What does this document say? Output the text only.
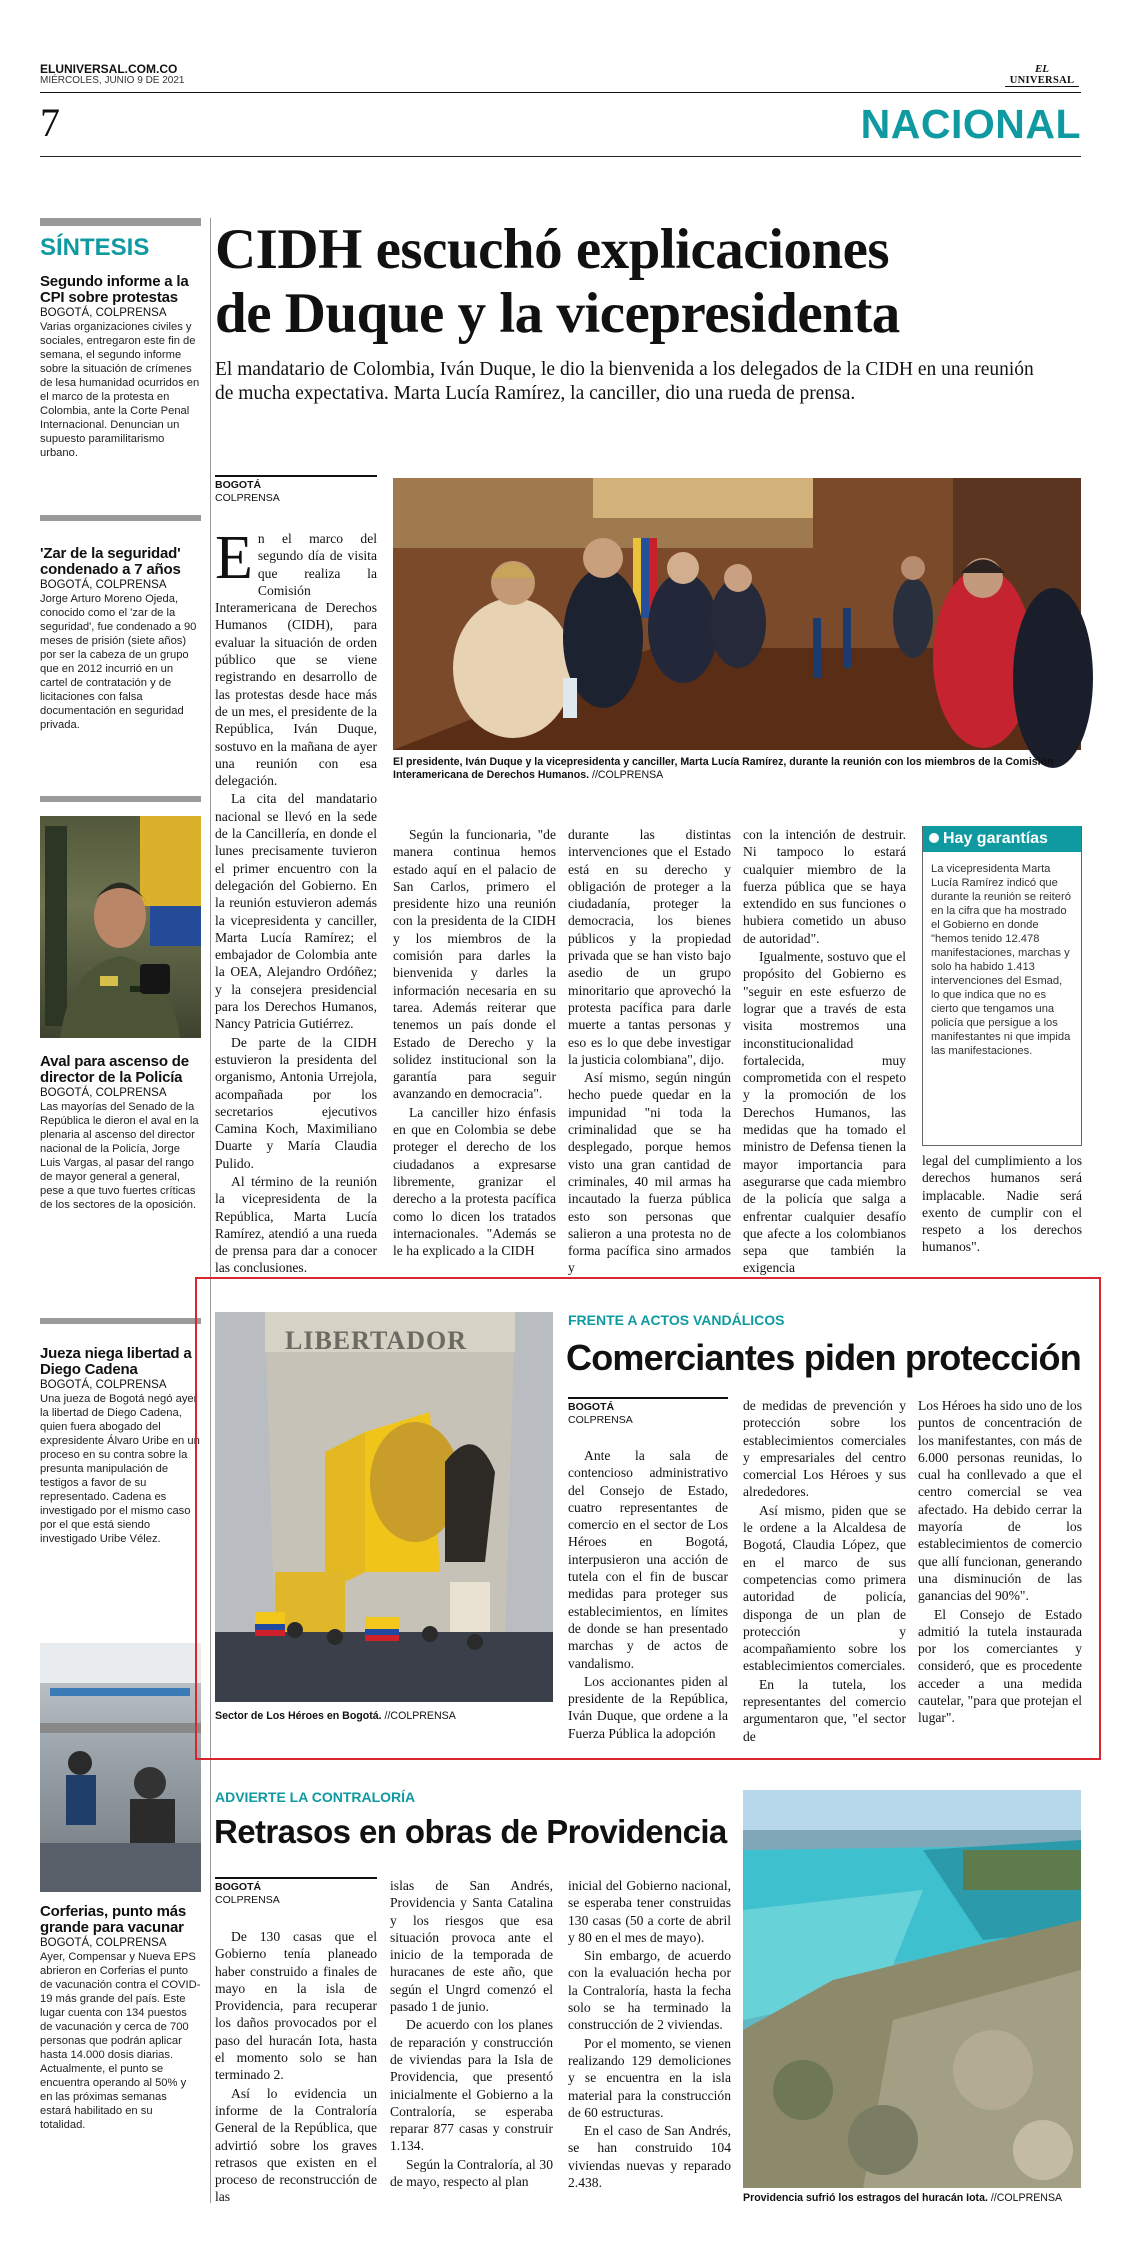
ELUNIVERSAL.COM.CO
MIÉRCOLES, JUNIO 9 DE 2021
EL
UNIVERSAL
7	NACIONAL
SÍNTESIS
Segundo informe a la CPI sobre protestas
BOGOTÁ, COLPRENSA
Varias organizaciones civiles y sociales, entregaron este fin de semana, el segundo informe sobre la situación de crímenes de lesa humanidad ocurridos en el marco de la protesta en Colombia, ante la Corte Penal Internacional. Denuncian un supuesto paramilitarismo urbano.
'Zar de la seguridad' condenado a 7 años
BOGOTÁ, COLPRENSA
Jorge Arturo Moreno Ojeda, conocido como el 'zar de la seguridad', fue condenado a 90 meses de prisión (siete años) por ser la cabeza de un grupo que en 2012 incurrió en un cartel de contratación y de licitaciones con falsa documentación en seguridad privada.
Aval para ascenso de director de la Policía
BOGOTÁ, COLPRENSA
Las mayorías del Senado de la República le dieron el aval en la plenaria al ascenso del director nacional de la Policía, Jorge Luis Vargas, al pasar del rango de mayor general a general, pese a que tuvo fuertes críticas de los sectores de la oposición.
Jueza niega libertad a Diego Cadena
BOGOTÁ, COLPRENSA
Una jueza de Bogotá negó ayer la libertad de Diego Cadena, quien fuera abogado del expresidente Álvaro Uribe en un proceso en su contra sobre la presunta manipulación de testigos a favor de su representado. Cadena es investigado por el mismo caso por el que está siendo investigado Uribe Vélez.
Corferias, punto más grande para vacunar
BOGOTÁ, COLPRENSA
Ayer, Compensar y Nueva EPS abrieron en Corferias el punto de vacunación contra el COVID-19 más grande del país. Este lugar cuenta con 134 puestos de vacunación y cerca de 700 personas que podrán aplicar hasta 14.000 dosis diarias. Actualmente, el punto se encuentra operando al 50% y en las próximas semanas estará habilitado en su totalidad.
CIDH escuchó explicaciones
de Duque y la vicepresidenta
El mandatario de Colombia, Iván Duque, le dio la bienvenida a los delegados de la CIDH en una reunión de mucha expectativa. Marta Lucía Ramírez, la canciller, dio una rueda de prensa.
BOGOTÁ
COLPRENSA

En el marco del segundo día de visita que realiza la Comisión Interamericana de Derechos Humanos (CIDH), para evaluar la situación de orden público que se viene registrando en desarrollo de las protestas desde hace más de un mes, el presidente de la República, Iván Duque, sostuvo en la mañana de ayer una reunión con esa delegación.

La cita del mandatario nacional se llevó en la sede de la Cancillería, en donde el lunes precisamente tuvieron el primer encuentro con la delegación del Gobierno. En la reunión estuvieron además la vicepresidenta y canciller, Marta Lucía Ramírez; el embajador de Colombia ante la OEA, Alejandro Ordóñez; y la consejera presidencial para los Derechos Humanos, Nancy Patricia Gutiérrez.

De parte de la CIDH estuvieron la presidenta del organismo, Antonia Urrejola, acompañada por los secretarios ejecutivos Camina Koch, Maximiliano Duarte y María Claudia Pulido.

Al término de la reunión la vicepresidenta de la República, Marta Lucía Ramírez, atendió a una rueda de prensa para dar a conocer las conclusiones.

El presidente, Iván Duque y la vicepresidenta y canciller, Marta Lucía Ramírez, durante la reunión con los miembros de la Comisión Interamericana de Derechos Humanos. //COLPRENSA

Según la funcionaria, "de manera continua hemos estado aquí en el palacio de San Carlos, primero el presidente hizo una reunión con la presidenta de la CIDH y los miembros de la comisión para darles la bienvenida y darles la información necesaria en su tarea. Además reiterar que tenemos un país donde el Estado de Derecho y la solidez institucional son la garantía para seguir avanzando en democracia".

La canciller hizo énfasis en que en Colombia se debe proteger el derecho de los ciudadanos a expresarse libremente, granizar el derecho a la protesta pacífica como lo dicen los tratados internacionales. "Además se le ha explicado a la CIDH

durante las distintas intervenciones que el Estado está en su derecho y obligación de proteger a la ciudadanía, proteger la democracia, los bienes públicos y la propiedad privada que se han visto bajo asedio de un grupo minoritario que aprovechó la protesta pacífica para darle muerte a tantas personas y eso es lo que debe investigar la justicia colombiana", dijo.

Así mismo, según ningún hecho puede quedar en la impunidad "ni toda la criminalidad que se ha desplegado, porque hemos visto una gran cantidad de criminales, 40 mil armas ha incautado la fuerza pública esto son personas que salieron a una protesta no de forma pacífica sino armados y

con la intención de destruir. Ni tampoco lo estará cualquier miembro de la fuerza pública que se haya extendido en sus funciones o hubiera cometido un abuso de autoridad".

Igualmente, sostuvo que el propósito del Gobierno es "seguir en este esfuerzo de lograr que a través de esta visita mostremos una inconstitucionalidad fortalecida, muy comprometida con el respeto y la promoción de los Derechos Humanos, las medidas que ha tomado el ministro de Defensa tienen la mayor importancia para asegurarse que cada miembro de la policía que salga a enfrentar cualquier desafío que afecte a los colombianos sepa que también la exigencia

Hay garantías
La vicepresidenta Marta Lucía Ramírez indicó que durante la reunión se reiteró en la cifra que ha mostrado el Gobierno en donde "hemos tenido 12.478 manifestaciones, marchas y solo ha habido 1.413 intervenciones del Esmad, lo que indica que no es cierto que tengamos una policía que persigue a los manifestantes ni que impida las manifestaciones.

legal del cumplimiento a los derechos humanos será implacable. Nadie será exento de cumplir con el respeto a los derechos humanos".

LIBERTADOR
Sector de Los Héroes en Bogotá. //COLPRENSA
FRENTE A ACTOS VANDÁLICOS
Comerciantes piden protección
BOGOTÁ
COLPRENSA

Ante la sala de contencioso administrativo del Consejo de Estado, cuatro representantes de comercio en el sector de Los Héroes en Bogotá, interpusieron una acción de tutela con el fin de buscar medidas para proteger sus establecimientos, en límites de donde se han presentado marchas y de actos de vandalismo.

Los accionantes piden al presidente de la República, Iván Duque, que ordene a la Fuerza Pública la adopción

de medidas de prevención y protección sobre los establecimientos comerciales y empresariales del centro comercial Los Héroes y sus alrededores.

Así mismo, piden que se le ordene a la Alcaldesa de Bogotá, Claudia López, que en el marco de sus competencias como primera autoridad de policía, disponga de un plan de protección y acompañamiento sobre los establecimientos comerciales.

En la tutela, los representantes del comercio argumentaron que, "el sector de

Los Héroes ha sido uno de los puntos de concentración de los manifestantes, con más de 6.000 personas reunidas, lo cual ha conllevado a que el centro comercial se vea afectado. Ha debido cerrar la mayoría de los establecimientos de comercio que allí funcionan, generando una disminución de las ganancias del 90%".

El Consejo de Estado admitió la tutela instaurada por los comerciantes y consideró, que es procedente acceder a una medida cautelar, "para que protejan el lugar".

ADVIERTE LA CONTRALORÍA
Retrasos en obras de Providencia
BOGOTÁ
COLPRENSA

De 130 casas que el Gobierno tenía planeado haber construido a finales de mayo en la isla de Providencia, para recuperar los daños provocados por el paso del huracán Iota, hasta el momento solo se han terminado 2.

Así lo evidencia un informe de la Contraloría General de la República, que advirtió sobre los graves retrasos que existen en el proceso de reconstrucción de las

islas de San Andrés, Providencia y Santa Catalina y los riesgos que esa situación provoca ante el inicio de la temporada de huracanes de este año, que según el Ungrd comenzó el pasado 1 de junio.

De acuerdo con los planes de reparación y construcción de viviendas para la Isla de Providencia, que presentó inicialmente el Gobierno a la Contraloría, se esperaba reparar 877 casas y construir 1.134.

Según la Contraloría, al 30 de mayo, respecto al plan

inicial del Gobierno nacional, se esperaba tener construidas 130 casas (50 a corte de abril y 80 en el mes de mayo).

Sin embargo, de acuerdo con la evaluación hecha por la Contraloría, hasta la fecha solo se ha terminado la construcción de 2 viviendas.

Por el momento, se vienen realizando 129 demoliciones y se encuentra en la isla material para la construcción de 60 estructuras.

En el caso de San Andrés, se han construido 104 viviendas nuevas y reparado 2.438.

Providencia sufrió los estragos del huracán Iota. //COLPRENSA
